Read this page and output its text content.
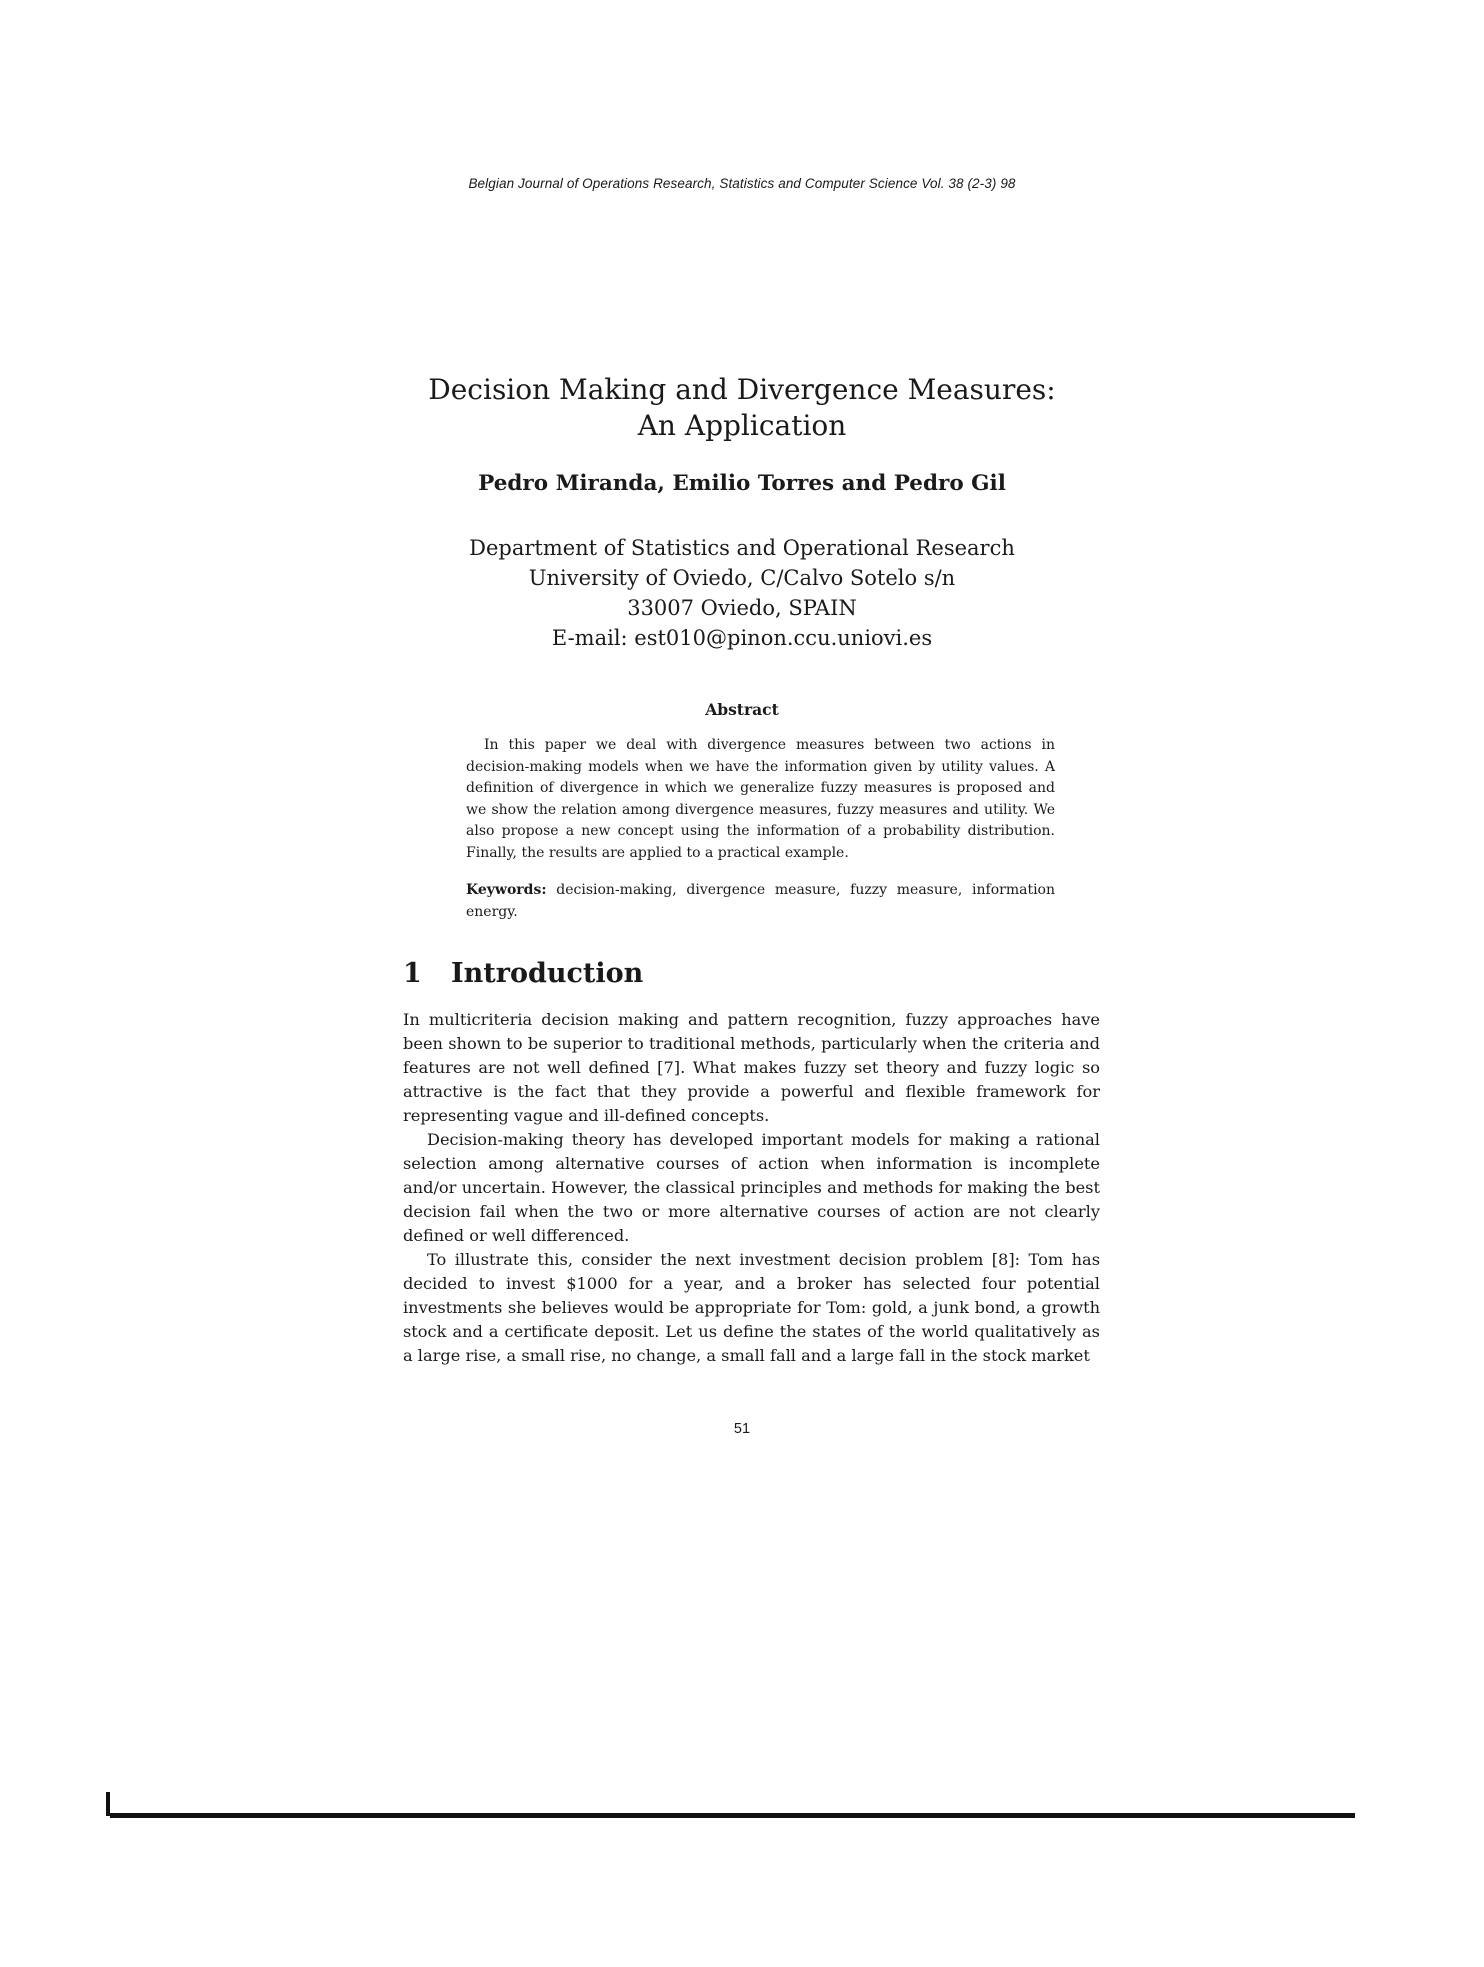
Belgian Journal of Operations Research, Statistics and Computer Science Vol. 38 (2-3) 98
Decision Making and Divergence Measures:
An Application
Pedro Miranda, Emilio Torres and Pedro Gil
Department of Statistics and Operational Research
University of Oviedo, C/Calvo Sotelo s/n
33007 Oviedo, SPAIN
E-mail: est010@pinon.ccu.uniovi.es
Abstract

In this paper we deal with divergence measures between two actions in decision-making models when we have the information given by utility values. A definition of divergence in which we generalize fuzzy measures is proposed and we show the relation among divergence measures, fuzzy measures and utility. We also propose a new concept using the information of a probability distribution. Finally, the results are applied to a practical example.

Keywords: decision-making, divergence measure, fuzzy measure, information energy.

1 Introduction

In multicriteria decision making and pattern recognition, fuzzy approaches have been shown to be superior to traditional methods, particularly when the criteria and features are not well defined [7]. What makes fuzzy set theory and fuzzy logic so attractive is the fact that they provide a powerful and flexible framework for representing vague and ill-defined concepts.

Decision-making theory has developed important models for making a rational selection among alternative courses of action when information is incomplete and/or uncertain. However, the classical principles and methods for making the best decision fail when the two or more alternative courses of action are not clearly defined or well differenced.

To illustrate this, consider the next investment decision problem [8]: Tom has decided to invest $1000 for a year, and a broker has selected four potential investments she believes would be appropriate for Tom: gold, a junk bond, a growth stock and a certificate deposit. Let us define the states of the world qualitatively as a large rise, a small rise, no change, a small fall and a large fall in the stock market

51
